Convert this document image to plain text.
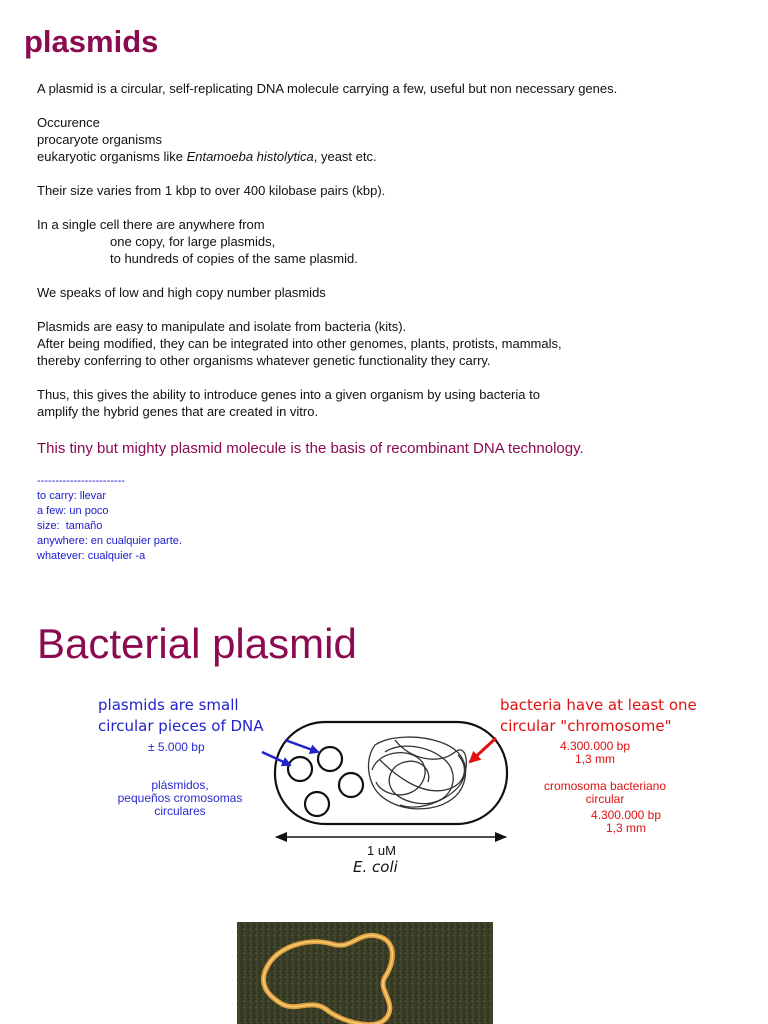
plasmids

A plasmid is a circular, self-replicating DNA molecule carrying a few, useful but non necessary genes.

Occurence
procaryote organisms
eukaryotic organisms like Entamoeba histolytica, yeast etc.

Their size varies from 1 kbp to over 400 kilobase pairs (kbp).

In a single cell there are anywhere from
one copy, for large plasmids,
to hundreds of copies of the same plasmid.

We speaks of low and high copy number plasmids

Plasmids are easy to manipulate and isolate from bacteria (kits).
After being modified, they can be integrated into other genomes, plants, protists, mammals,
thereby conferring to other organisms whatever genetic functionality they carry.

Thus, this gives the ability to introduce genes into a given organism by using bacteria to
amplify the hybrid genes that are created in vitro.

This tiny but mighty plasmid molecule is the basis of recombinant DNA technology.

------------------------
to carry: llevar
a few: un poco
size:  tamaño
anywhere: en cualquier parte.
whatever: cualquier -a
Bacterial plasmid
plasmids are small
circular pieces of DNA
± 5.000 bp
plásmidos,
pequeños cromosomas
circulares
bacteria have at least one
circular "chromosome"
4.300.000 bp
1,3 mm
cromosoma bacteriano
circular
4.300.000 bp
1,3 mm
1 uM
E. coli
